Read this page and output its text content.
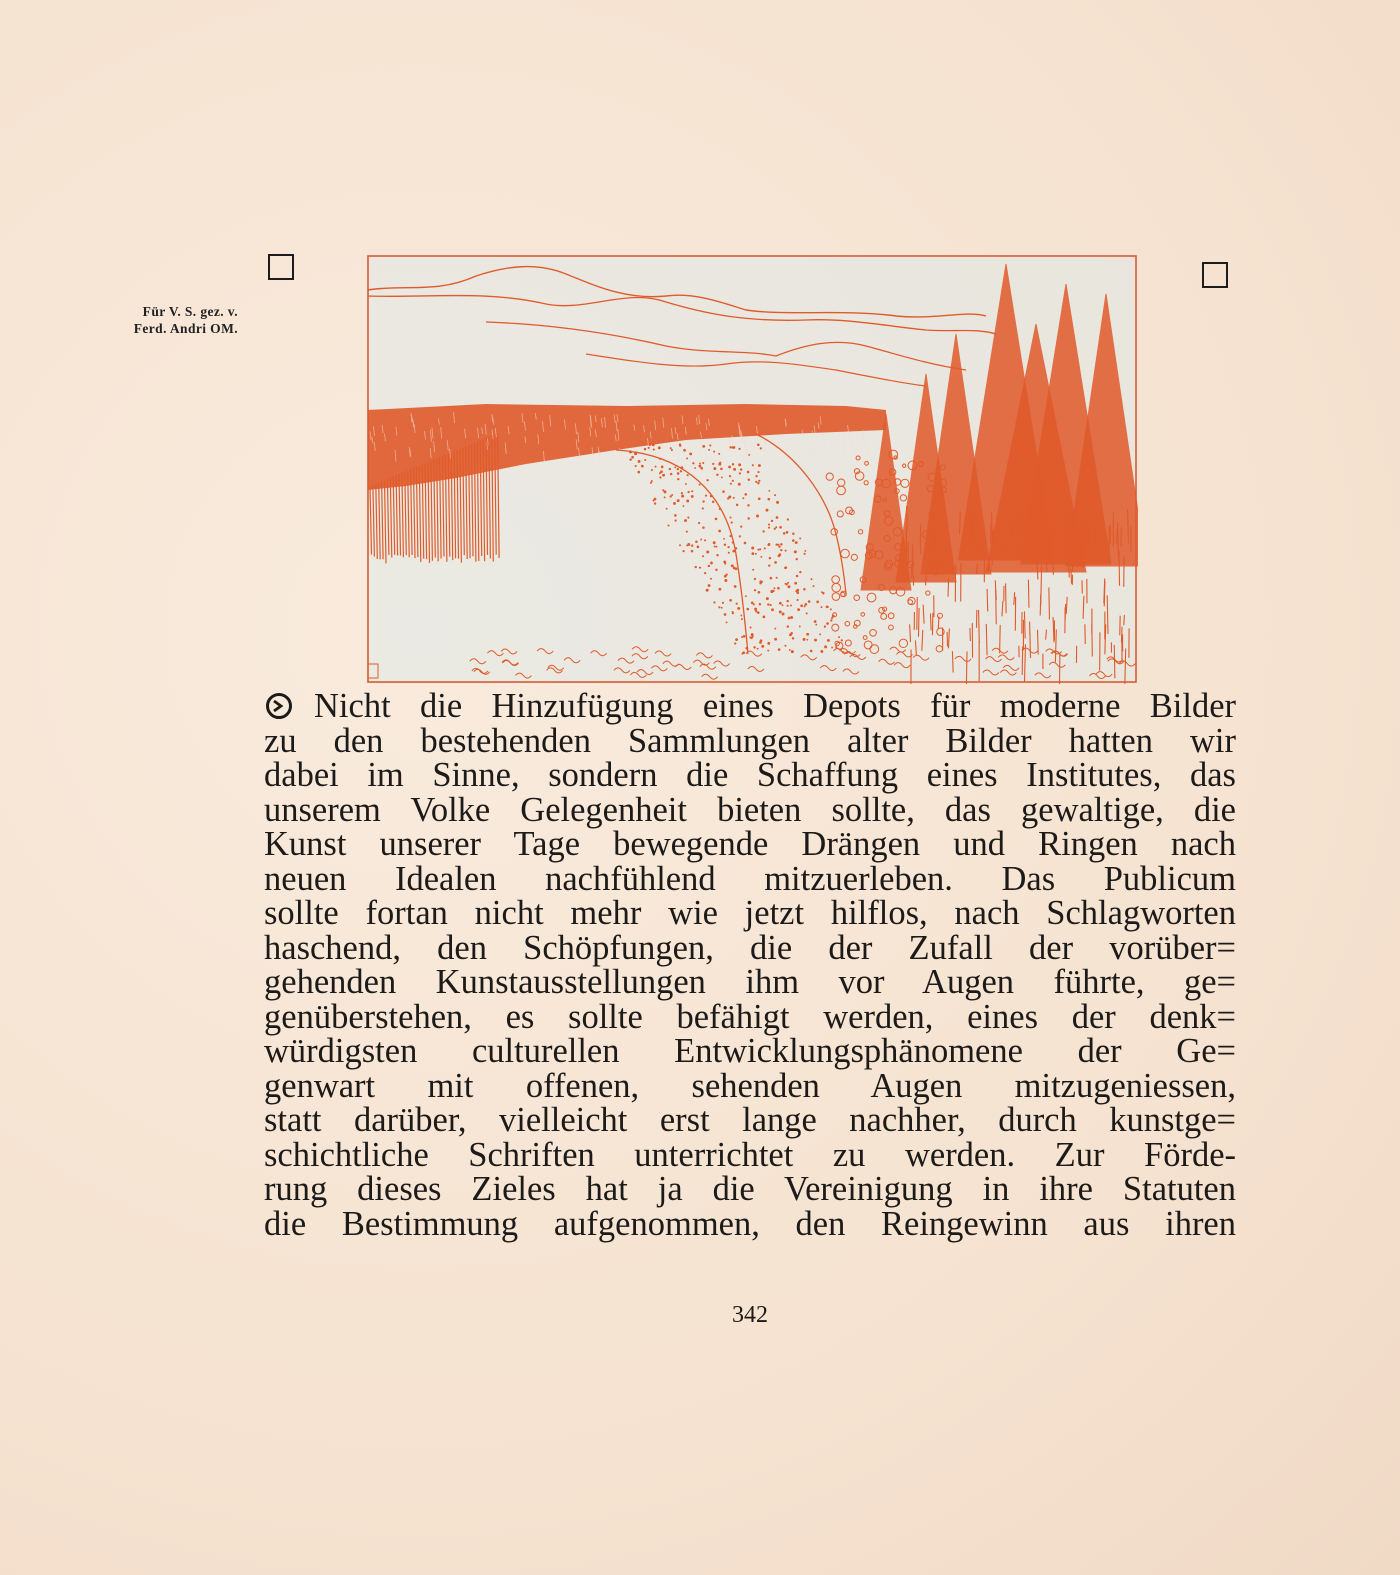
Für V. S. gez. v.
Ferd. Andri OM.
Nicht die Hinzufügung eines Depots für moderne Bilder
zu den bestehenden Sammlungen alter Bilder hatten wir
dabei im Sinne, sondern die Schaffung eines Institutes, das
unserem Volke Gelegenheit bieten sollte, das gewaltige, die
Kunst unserer Tage bewegende Drängen und Ringen nach
neuen Idealen nachfühlend mitzuerleben. Das Publicum
sollte fortan nicht mehr wie jetzt hilflos, nach Schlagworten
haschend, den Schöpfungen, die der Zufall der vorüber=
gehenden Kunstausstellungen ihm vor Augen führte, ge=
genüberstehen, es sollte befähigt werden, eines der denk=
würdigsten culturellen Entwicklungsphänomene der Ge=
genwart mit offenen, sehenden Augen mitzugeniessen,
statt darüber, vielleicht erst lange nachher, durch kunstge=
schichtliche Schriften unterrichtet zu werden. Zur Förde-
rung dieses Zieles hat ja die Vereinigung in ihre Statuten
die Bestimmung aufgenommen, den Reingewinn aus ihren
342
